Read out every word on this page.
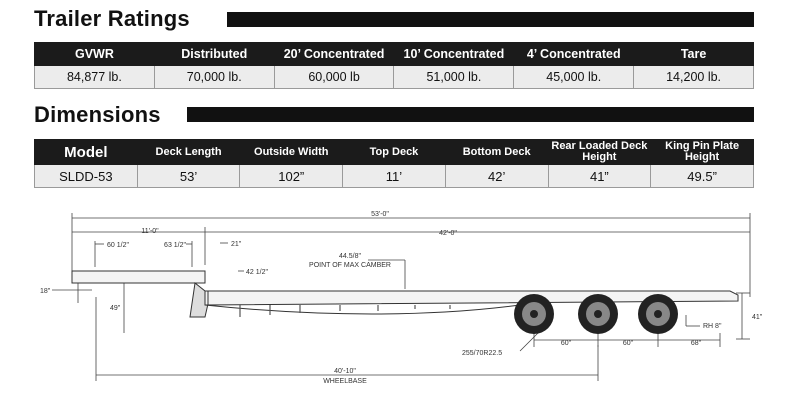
Trailer Ratings
GVWR	Distributed	20’ Concentrated	10’ Concentrated	4’ Concentrated	Tare
84,877 lb.	70,000 lb.	60,000 lb	51,000 lb.	45,000 lb.	14,200 lb.
Dimensions
Model	Deck Length	Outside Width	Top Deck	Bottom Deck	Rear Loaded Deck Height	King Pin Plate Height
SLDD-53	53’	102”	11’	42’	41”	49.5”
53'-0"
11'-0"	42'-0"
60 1/2"	63 1/2"	21"
42 1/2"
44.5/8"
POINT OF MAX CAMBER
18"
49"
41"
RH 8"
255/70R22.5
60"	60"	68"
40'-10"
WHEELBASE
